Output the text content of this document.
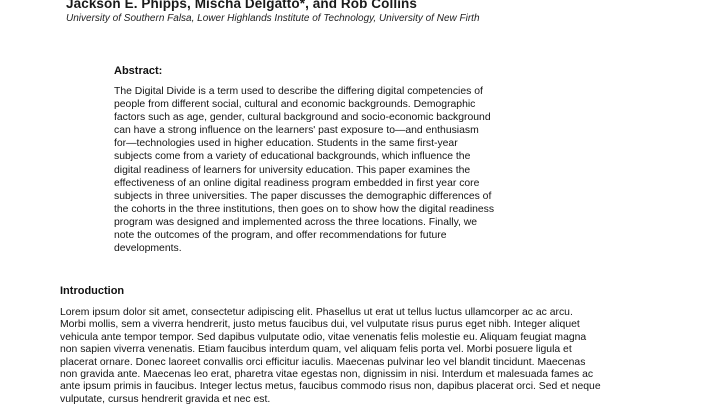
Jackson E. Phipps, Mischa Delgatto*, and Rob Collins

University of Southern Falsa, Lower Highlands Institute of Technology, University of New Firth

Abstract:
The Digital Divide is a term used to describe the differing digital competencies of
people from different social, cultural and economic backgrounds. Demographic
factors such as age, gender, cultural background and socio-economic background
can have a strong influence on the learners' past exposure to—and enthusiasm
for—technologies used in higher education. Students in the same first-year
subjects come from a variety of educational backgrounds, which influence the
digital readiness of learners for university education. This paper examines the
effectiveness of an online digital readiness program embedded in first year core
subjects in three universities. The paper discusses the demographic differences of
the cohorts in the three institutions, then goes on to show how the digital readiness
program was designed and implemented across the three locations. Finally, we
note the outcomes of the program, and offer recommendations for future
developments.
Introduction
Lorem ipsum dolor sit amet, consectetur adipiscing elit. Phasellus ut erat ut tellus luctus ullamcorper ac ac arcu.
Morbi mollis, sem a viverra hendrerit, justo metus faucibus dui, vel vulputate risus purus eget nibh. Integer aliquet
vehicula ante tempor tempor. Sed dapibus vulputate odio, vitae venenatis felis molestie eu. Aliquam feugiat magna
non sapien viverra venenatis. Etiam faucibus interdum quam, vel aliquam felis porta vel. Morbi posuere ligula et
placerat ornare. Donec laoreet convallis orci efficitur iaculis. Maecenas pulvinar leo vel blandit tincidunt. Maecenas
non gravida ante. Maecenas leo erat, pharetra vitae egestas non, dignissim in nisi. Interdum et malesuada fames ac
ante ipsum primis in faucibus. Integer lectus metus, faucibus commodo risus non, dapibus placerat orci. Sed et neque
vulputate, cursus hendrerit gravida et nec est.
